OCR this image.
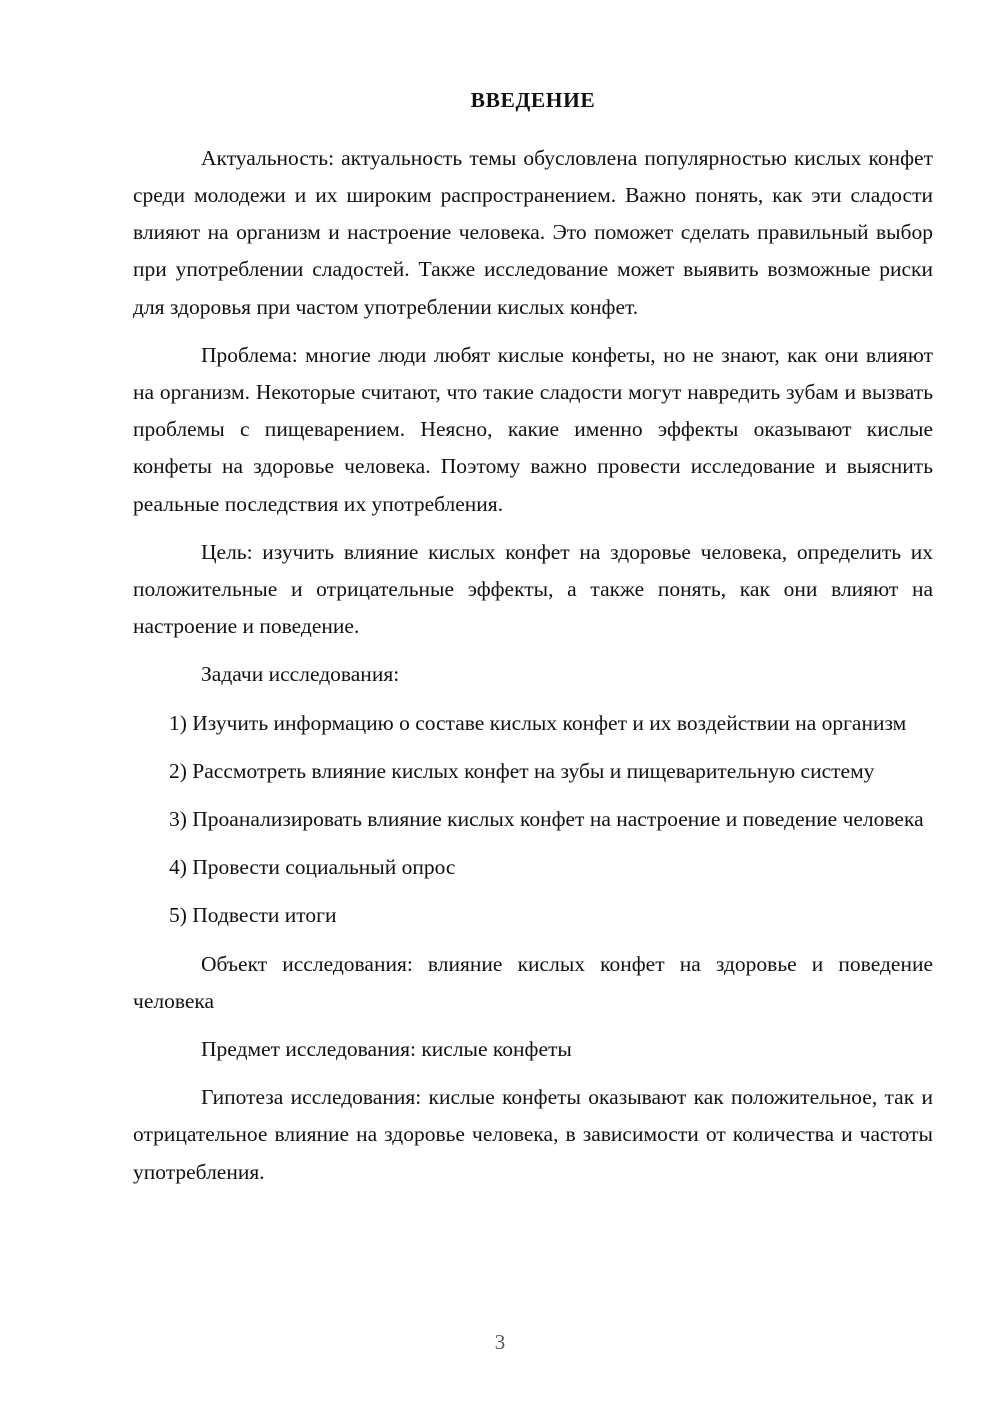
ВВЕДЕНИЕ

Актуальность: актуальность темы обусловлена популярностью кислых конфет среди молодежи и их широким распространением. Важно понять, как эти сладости влияют на организм и настроение человека. Это поможет сделать правильный выбор при употреблении сладостей. Также исследование может выявить возможные риски для здоровья при частом употреблении кислых конфет.

Проблема: многие люди любят кислые конфеты, но не знают, как они влияют на организм. Некоторые считают, что такие сладости могут навредить зубам и вызвать проблемы с пищеварением. Неясно, какие именно эффекты оказывают кислые конфеты на здоровье человека. Поэтому важно провести исследование и выяснить реальные последствия их употребления.

Цель: изучить влияние кислых конфет на здоровье человека, определить их положительные и отрицательные эффекты, а также понять, как они влияют на настроение и поведение.

Задачи исследования:

1) Изучить информацию о составе кислых конфет и их воздействии на организм

2) Рассмотреть влияние кислых конфет на зубы и пищеварительную систему

3) Проанализировать влияние кислых конфет на настроение и поведение человека

4) Провести социальный опрос

5) Подвести итоги

Объект исследования: влияние кислых конфет на здоровье и поведение человека

Предмет исследования: кислые конфеты

Гипотеза исследования: кислые конфеты оказывают как положительное, так и отрицательное влияние на здоровье человека, в зависимости от количества и частоты употребления.

3
